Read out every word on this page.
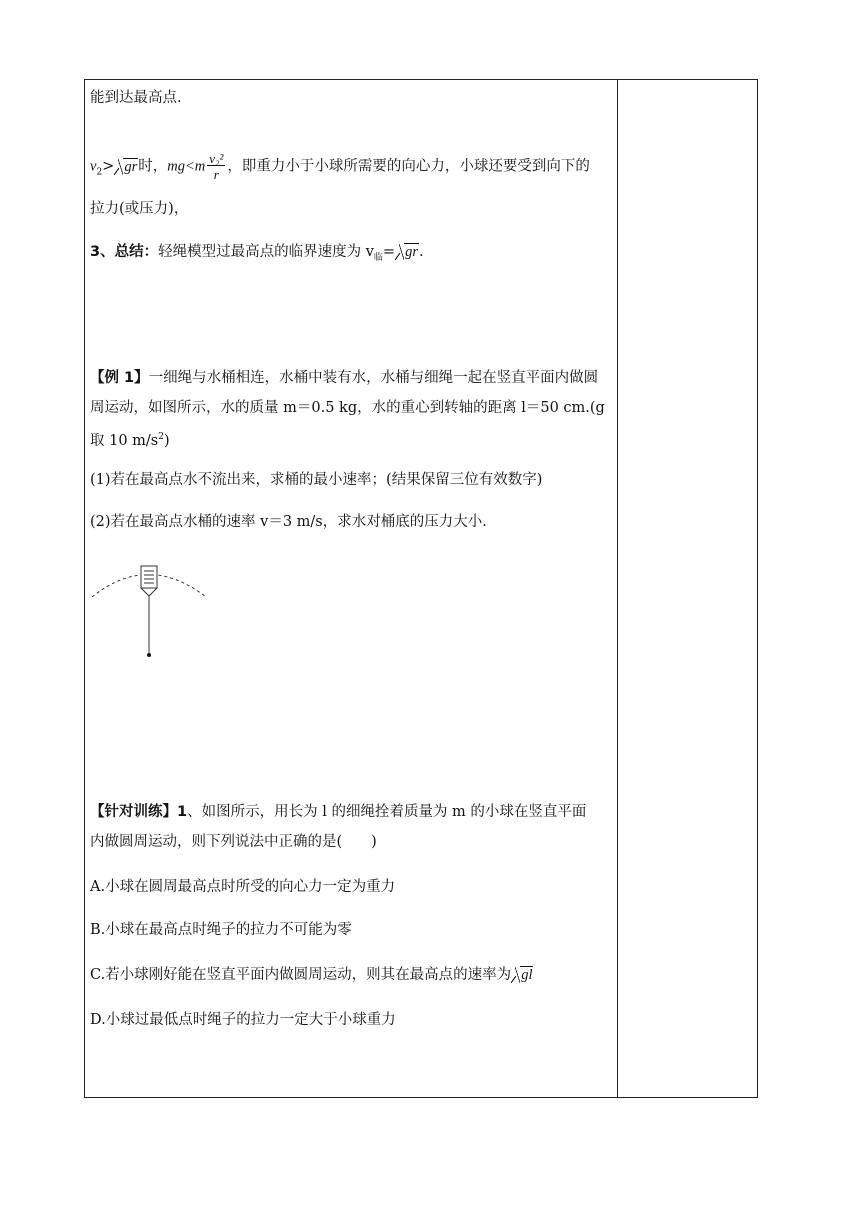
能到达最高点.
$v_2>$ gr时，$mg<m \frac{\text{v₂²}}{r}$ ，即重力小于小球所需要的向心力，小球还要受到向下的
拉力(或压力)，
3、总结：轻绳模型过最高点的临界速度为 $v_临=$ gr.
【例 1】一细绳与水桶相连，水桶中装有水，水桶与细绳一起在竖直平面内做圆
周运动，如图所示，水的质量 m＝0.5 kg，水的重心到转轴的距离 l＝50 cm.(g
取 10 $m/s^2$)
(1)若在最高点水不流出来，求桶的最小速率；(结果保留三位有效数字)
(2)若在最高点水桶的速率 v＝3 m/s，求水对桶底的压力大小.
【针对训练】1、如图所示，用长为 l 的细绳拴着质量为 m 的小球在竖直平面
内做圆周运动，则下列说法中正确的是(　　)
A.小球在圆周最高点时所受的向心力一定为重力
B.小球在最高点时绳子的拉力不可能为零
C.若小球刚好能在竖直平面内做圆周运动，则其在最高点的速率为 gl
D.小球过最低点时绳子的拉力一定大于小球重力
